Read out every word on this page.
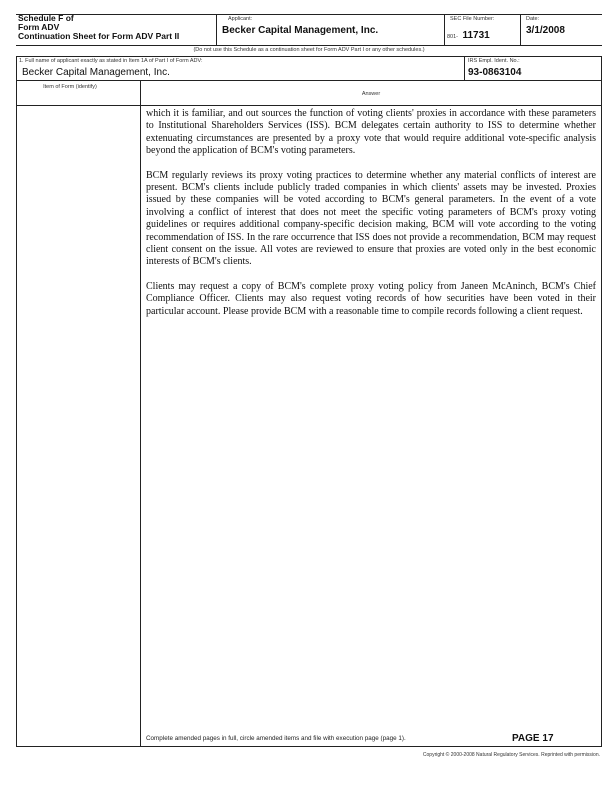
Schedule F of
Form ADV
Continuation Sheet for Form ADV Part II
Applicant:
Becker Capital Management, Inc.
SEC File Number:
801- 11731
Date:
3/1/2008
(Do not use this Schedule as a continuation sheet for Form ADV Part I or any other schedules.)
1. Full name of applicant exactly as stated in Item 1A of Part I of Form ADV:
Becker Capital Management, Inc.
IRS Empl. Ident. No.:
93-0863104
Item of Form (identify)
Answer

which it is familiar, and out sources the function of voting clients' proxies in accordance with these parameters to Institutional Shareholders Services (ISS). BCM delegates certain authority to ISS to determine whether extenuating circumstances are presented by a proxy vote that would require additional vote-specific analysis beyond the application of BCM's voting parameters.

BCM regularly reviews its proxy voting practices to determine whether any material conflicts of interest are present. BCM's clients include publicly traded companies in which clients' assets may be invested. Proxies issued by these companies will be voted according to BCM's general parameters. In the event of a vote involving a conflict of interest that does not meet the specific voting parameters of BCM's proxy voting guidelines or requires additional company-specific decision making, BCM will vote according to the voting recommendation of ISS. In the rare occurrence that ISS does not provide a recommendation, BCM may request client consent on the issue. All votes are reviewed to ensure that proxies are voted only in the best economic interests of BCM's clients.

Clients may request a copy of BCM's complete proxy voting policy from Janeen McAninch, BCM's Chief Compliance Officer. Clients may also request voting records of how securities have been voted in their particular account. Please provide BCM with a reasonable time to compile records following a client request.

Complete amended pages in full, circle amended items and file with execution page (page 1).	PAGE 17
Copyright © 2000-2008 Natural Regulatory Services. Reprinted with permission.
